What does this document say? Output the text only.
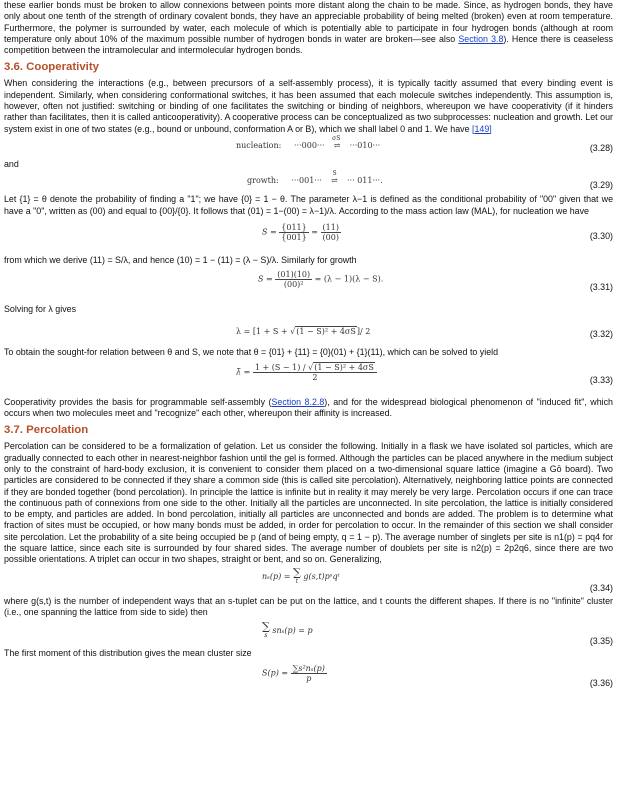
these earlier bonds must be broken to allow connexions between points more distant along the chain to be made. Since, as hydrogen bonds, they have only about one tenth of the strength of ordinary covalent bonds, they have an appreciable probability of being melted (broken) even at room temperature. Furthermore, the polymer is surrounded by water, each molecule of which is potentially able to participate in four hydrogen bonds (although at room temperature only about 10% of the maximum possible number of hydrogen bonds in water are broken—see also Section 3.8). Hence there is ceaseless competition between the intramolecular and intermolecular hydrogen bonds.

3.6. Cooperativity

When considering the interactions (e.g., between precursors of a self-assembly process), it is typically tacitly assumed that every binding event is independent. Similarly, when considering conformational switches, it has been assumed that each molecule switches independently. This assumption is, however, often not justified: switching or binding of one facilitates the switching or binding of neighbors, whereupon we have cooperativity (if it hinders rather than facilitates, then it is called anticooperativity). A cooperative process can be conceptualized as two subprocesses: nucleation and growth. Let our system exist in one of two states (e.g., bound or unbound, conformation A or B), which we shall label 0 and 1. We have [149]

nucleation: ···000···
σS
⇌ ···010···	(3.28)

and

growth: ···001···
S
⇌ ··· 011···.	(3.29)

Let {1} = θ denote the probability of finding a "1"; we have {0} = 1 − θ. The parameter λ−1 is defined as the conditional probability of "00" given that we have a "0", written as (00) and equal to {00}/{0}. It follows that (01) = 1−(00) = λ−1)/λ. According to the mass action law (MAL), for nucleation we have

$S = \frac{\{011\}}{\{001\}} = \frac{(11)}{(00)}$	(3.30)

from which we derive (11) = S/λ, and hence (10) = 1 − (11) = (λ − S)/λ. Similarly for growth

$S = \frac{(01)(10)}{\text{(00)²}} = (\lambda - 1)(\lambda - S)$.
(3.31)

Solving for λ gives

λ = [1 + S + √(1 − S)² + 4σS]/ 2	(3.32)

To obtain the sought-for relation between θ and S, we note that θ = {01} + {11} = {0}(01) + {1}(11), which can be solved to yield

λ̄ = $\frac{\text{1 + (S − 1) / √(1 − S)² + 4σS}}{2}$	(3.33)

Cooperativity provides the basis for programmable self-assembly (Section 8.2.8), and for the widespread biological phenomenon of "induced fit", which occurs when two molecules meet and "recognize" each other, whereupon their affinity is increased.

3.7. Percolation

Percolation can be considered to be a formalization of gelation. Let us consider the following. Initially in a flask we have isolated sol particles, which are gradually connected to each other in nearest-neighbor fashion until the gel is formed. Although the particles can be placed anywhere in the medium subject only to the constraint of hard-body exclusion, it is convenient to consider them placed on a two-dimensional square lattice (imagine a Gō board). Two particles are considered to be connected if they share a common side (this is called site percolation). Alternatively, neighboring lattice points are connected if they are bonded together (bond percolation). In principle the lattice is infinite but in reality it may merely be very large. Percolation occurs if one can trace the continuous path of connexions from one side to the other. Initially all the particles are unconnected. In site percolation, the lattice is initially considered to be empty, and particles are added. In bond percolation, initially all particles are unconnected and bonds are added. The problem is to determine what fraction of sites must be occupied, or how many bonds must be added, in order for percolation to occur. In the remainder of this section we shall consider site percolation. Let the probability of a site being occupied be p (and of being empty, q = 1 − p). The average number of singlets per site is n1(p) = pq4 for the square lattice, since each site is surrounded by four shared sides. The average number of doublets per site is n2(p) = 2p2q6, since there are two possible orientations. A triplet can occur in two shapes, straight or bent, and so on. Generalizing,

nₛ(p) = ∑
t
g(s,t)pˢqᵗ
(3.34)

where g(s,t) is the number of independent ways that an s-tuplet can be put on the lattice, and t counts the different shapes. If there is no "infinite" cluster (i.e., one spanning the lattice from side to side) then

∑
s
snₛ(p) = p
(3.35)

The first moment of this distribution gives the mean cluster size

$S(p) = \frac{\text{∑s²nₛ(p)}}{p}$	(3.36)
